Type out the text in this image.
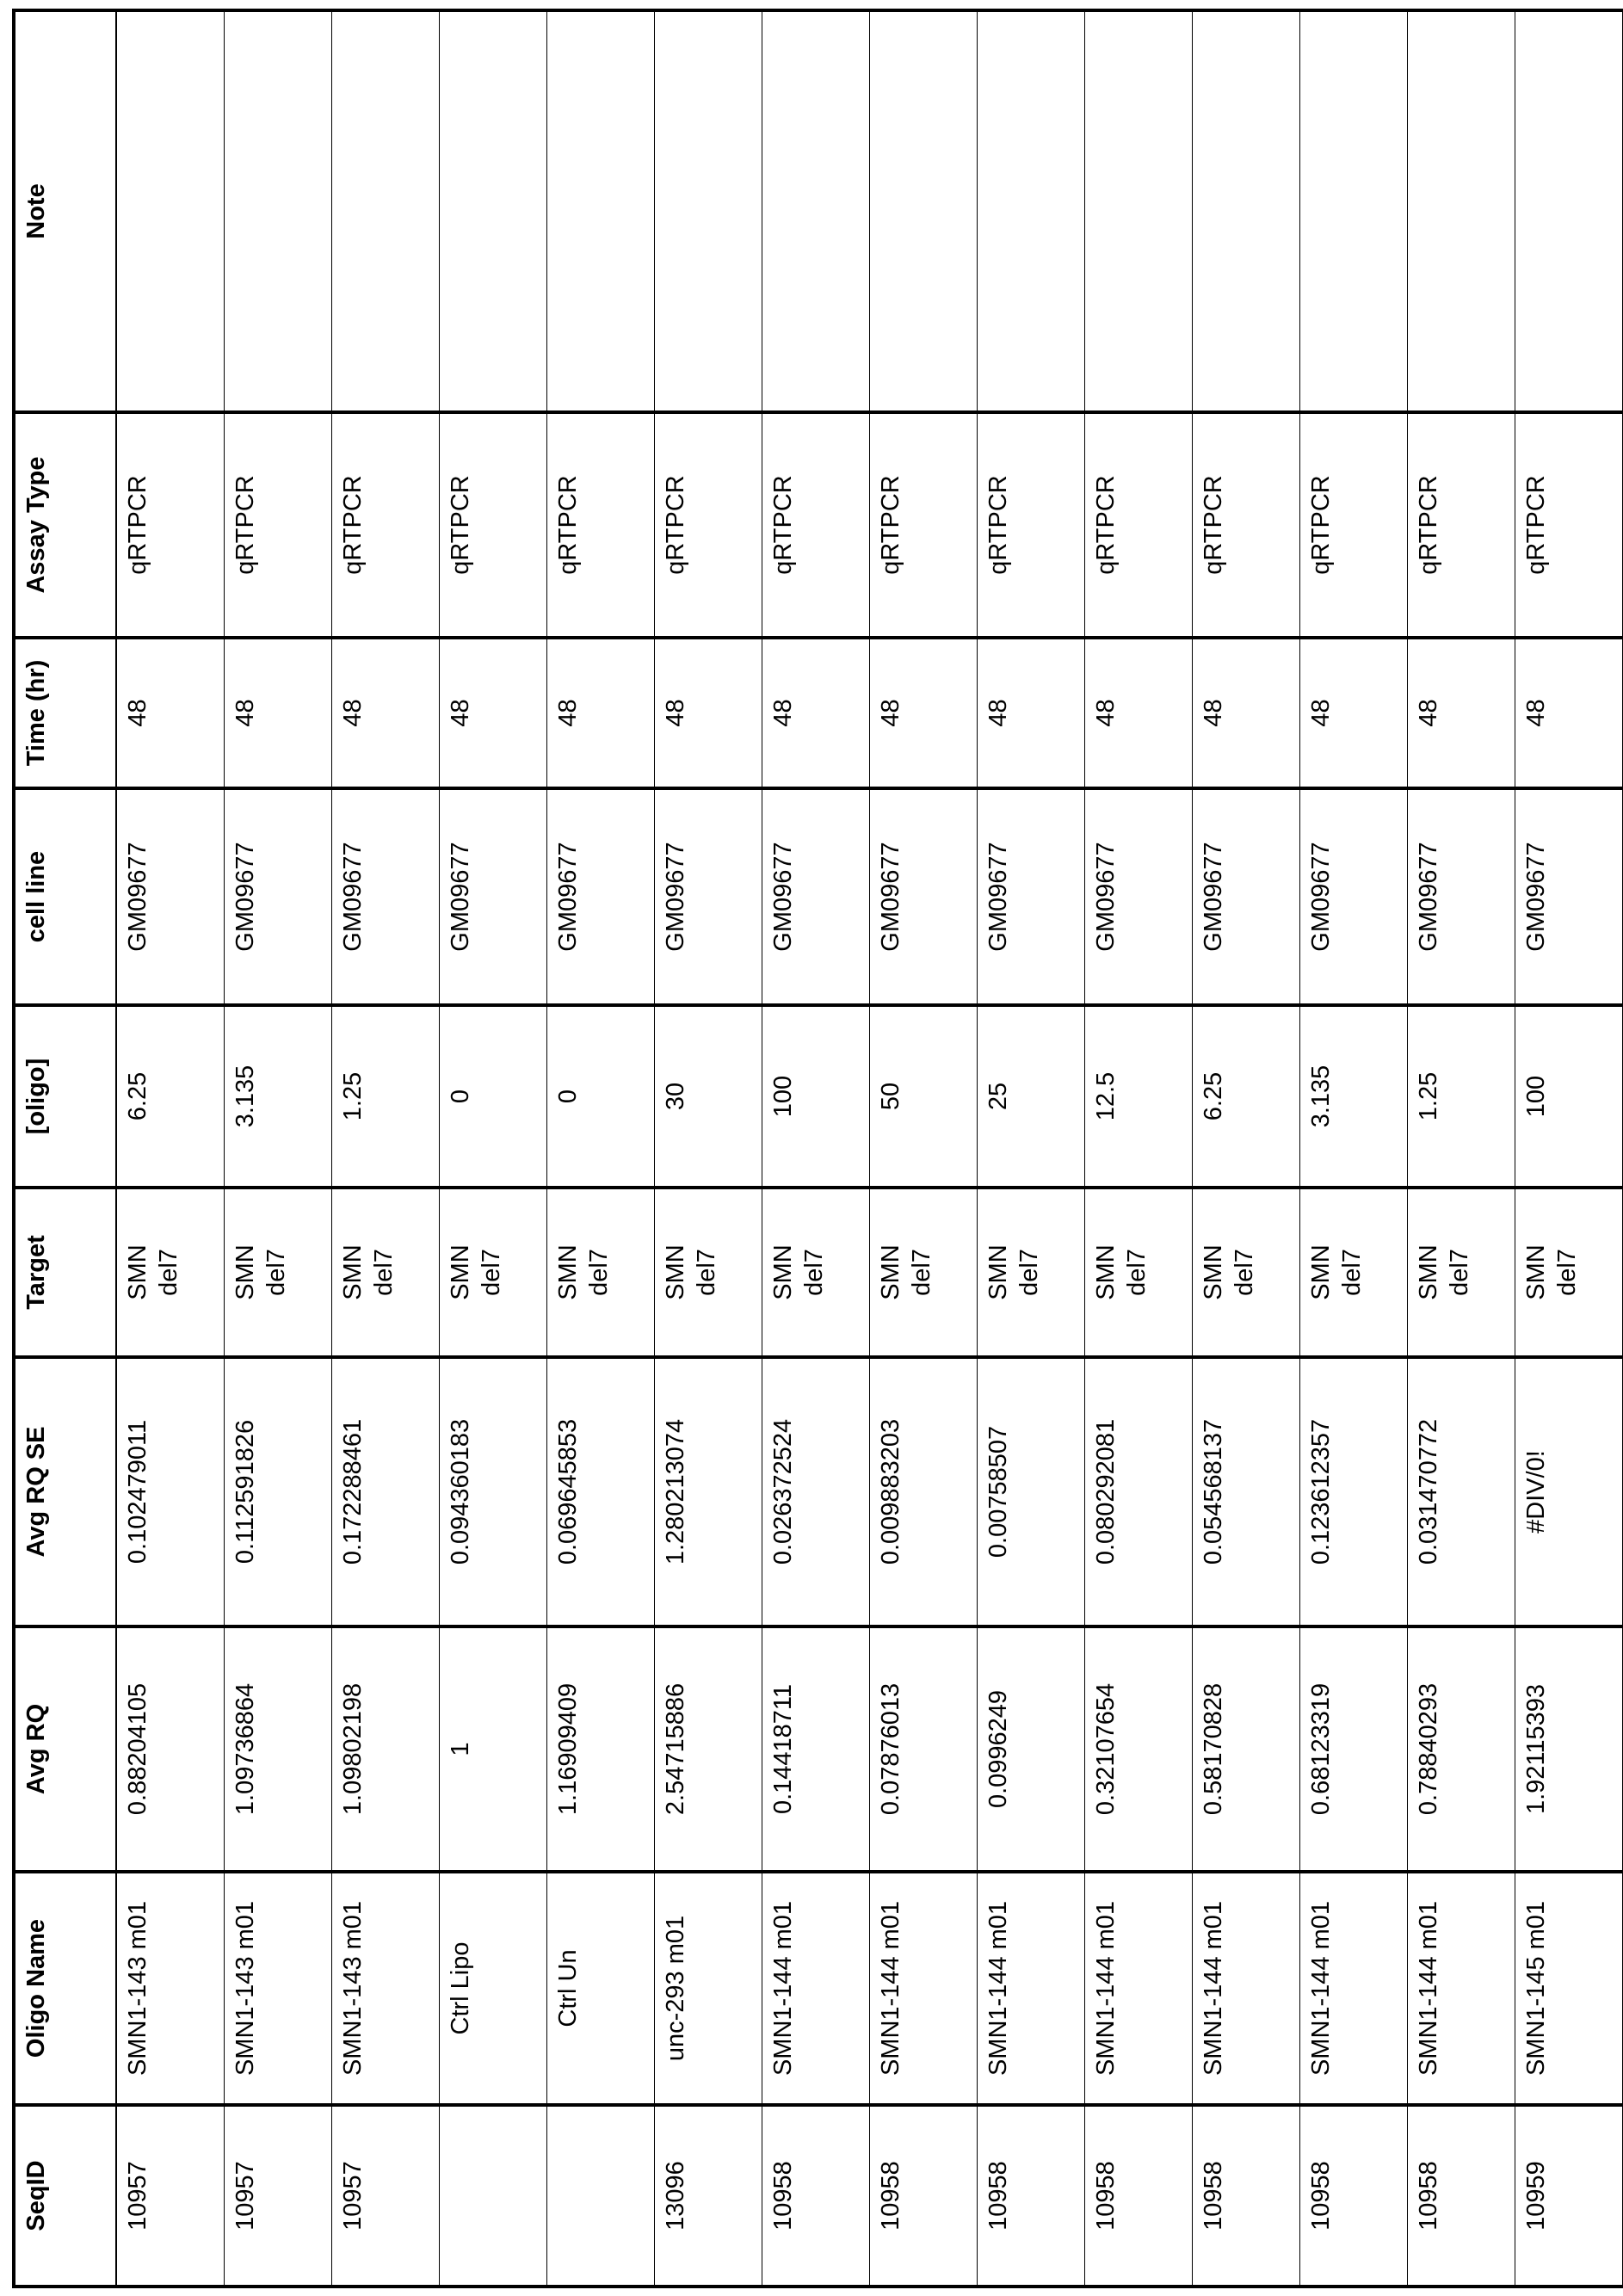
SeqID	Oligo Name	Avg RQ	Avg RQ SE	Target	[oligo]	cell line	Time (hr)	Assay Type	Note
10957	SMN1-143 m01	0.88204105	0.102479011	SMN del7	6.25	GM09677	48	qRTPCR	
10957	SMN1-143 m01	1.09736864	0.112591826	SMN del7	3.135	GM09677	48	qRTPCR	
10957	SMN1-143 m01	1.09802198	0.172288461	SMN del7	1.25	GM09677	48	qRTPCR	
	Ctrl Lipo	1	0.094360183	SMN del7	0	GM09677	48	qRTPCR	
	Ctrl Un	1.16909409	0.069645853	SMN del7	0	GM09677	48	qRTPCR	
13096	unc-293 m01	2.54715886	1.280213074	SMN del7	30	GM09677	48	qRTPCR	
10958	SMN1-144 m01	0.14418711	0.026372524	SMN del7	100	GM09677	48	qRTPCR	
10958	SMN1-144 m01	0.07876013	0.009883203	SMN del7	50	GM09677	48	qRTPCR	
10958	SMN1-144 m01	0.0996249	0.00758507	SMN del7	25	GM09677	48	qRTPCR	
10958	SMN1-144 m01	0.32107654	0.080292081	SMN del7	12.5	GM09677	48	qRTPCR	
10958	SMN1-144 m01	0.58170828	0.054568137	SMN del7	6.25	GM09677	48	qRTPCR	
10958	SMN1-144 m01	0.68123319	0.123612357	SMN del7	3.135	GM09677	48	qRTPCR	
10958	SMN1-144 m01	0.78840293	0.031470772	SMN del7	1.25	GM09677	48	qRTPCR	
10959	SMN1-145 m01	1.92115393	#DIV/0!	SMN del7	100	GM09677	48	qRTPCR	
